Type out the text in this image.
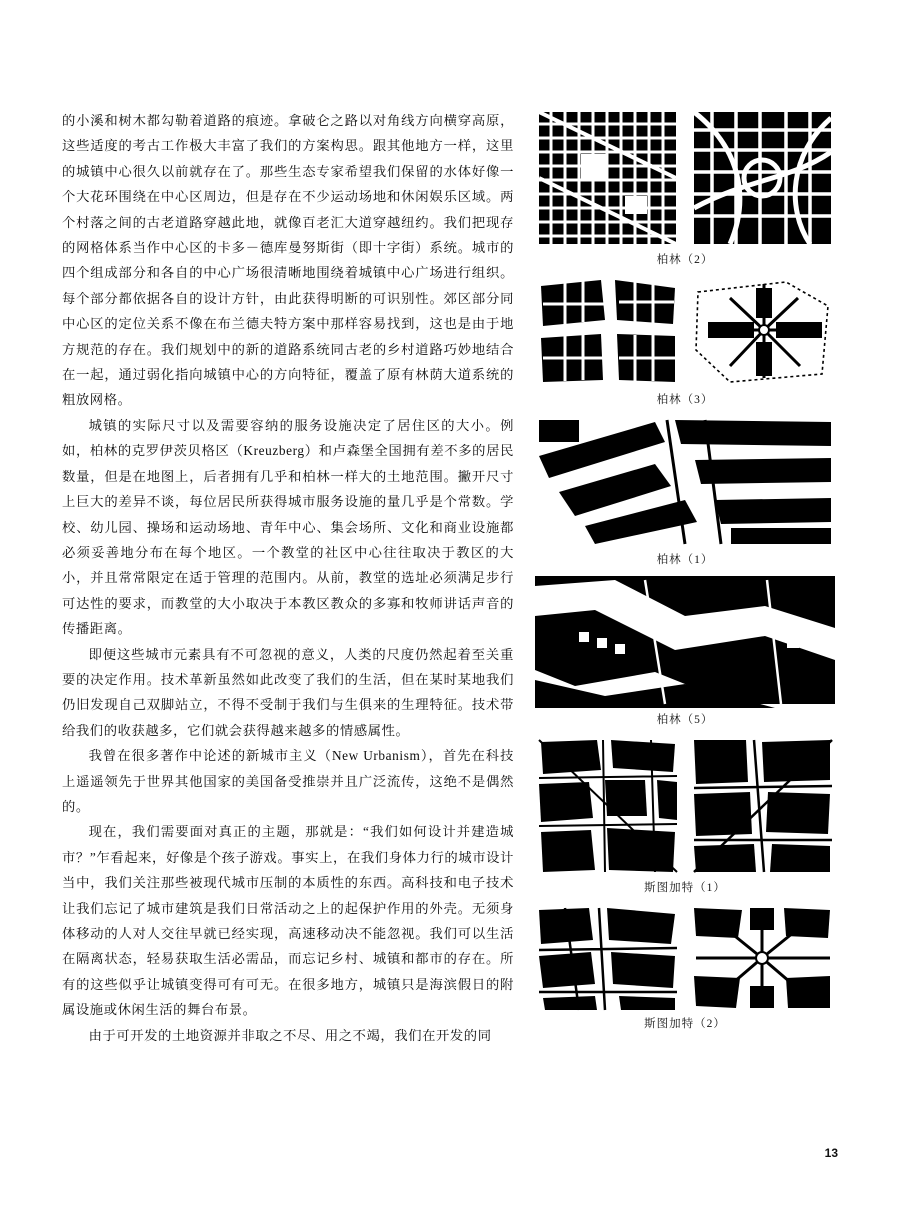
的小溪和树木都勾勒着道路的痕迹。拿破仑之路以对角线方向横穿高原，这些适度的考古工作极大丰富了我们的方案构思。跟其他地方一样，这里的城镇中心很久以前就存在了。那些生态专家希望我们保留的水体好像一个大花环围绕在中心区周边，但是存在不少运动场地和休闲娱乐区域。两个村落之间的古老道路穿越此地，就像百老汇大道穿越纽约。我们把现存的网格体系当作中心区的卡多－德库曼努斯街（即十字街）系统。城市的四个组成部分和各自的中心广场很清晰地围绕着城镇中心广场进行组织。每个部分都依据各自的设计方针，由此获得明断的可识别性。郊区部分同中心区的定位关系不像在布兰德夫特方案中那样容易找到，这也是由于地方规范的存在。我们规划中的新的道路系统同古老的乡村道路巧妙地结合在一起，通过弱化指向城镇中心的方向特征，覆盖了原有林荫大道系统的粗放网格。

城镇的实际尺寸以及需要容纳的服务设施决定了居住区的大小。例如，柏林的克罗伊茨贝格区（Kreuzberg）和卢森堡全国拥有差不多的居民数量，但是在地图上，后者拥有几乎和柏林一样大的土地范围。撇开尺寸上巨大的差异不谈，每位居民所获得城市服务设施的量几乎是个常数。学校、幼儿园、操场和运动场地、青年中心、集会场所、文化和商业设施都必须妥善地分布在每个地区。一个教堂的社区中心往往取决于教区的大小，并且常常限定在适于管理的范围内。从前，教堂的选址必须满足步行可达性的要求，而教堂的大小取决于本教区教众的多寡和牧师讲话声音的传播距离。

即便这些城市元素具有不可忽视的意义，人类的尺度仍然起着至关重要的决定作用。技术革新虽然如此改变了我们的生活，但在某时某地我们仍旧发现自己双脚站立，不得不受制于我们与生俱来的生理特征。技术带给我们的收获越多，它们就会获得越来越多的情感属性。

我曾在很多著作中论述的新城市主义（New Urbanism），首先在科技上遥遥领先于世界其他国家的美国备受推崇并且广泛流传，这绝不是偶然的。

现在，我们需要面对真正的主题，那就是：“我们如何设计并建造城市？”乍看起来，好像是个孩子游戏。事实上，在我们身体力行的城市设计当中，我们关注那些被现代城市压制的本质性的东西。高科技和电子技术让我们忘记了城市建筑是我们日常活动之上的起保护作用的外壳。无须身体移动的人对人交往早就已经实现，高速移动决不能忽视。我们可以生活在隔离状态，轻易获取生活必需品，而忘记乡村、城镇和都市的存在。所有的这些似乎让城镇变得可有可无。在很多地方，城镇只是海滨假日的附属设施或休闲生活的舞台布景。

由于可开发的土地资源并非取之不尽、用之不竭，我们在开发的同

柏林（2）
柏林（3）
柏林（1）
柏林（5）
斯图加特（1）
斯图加特（2）
13
